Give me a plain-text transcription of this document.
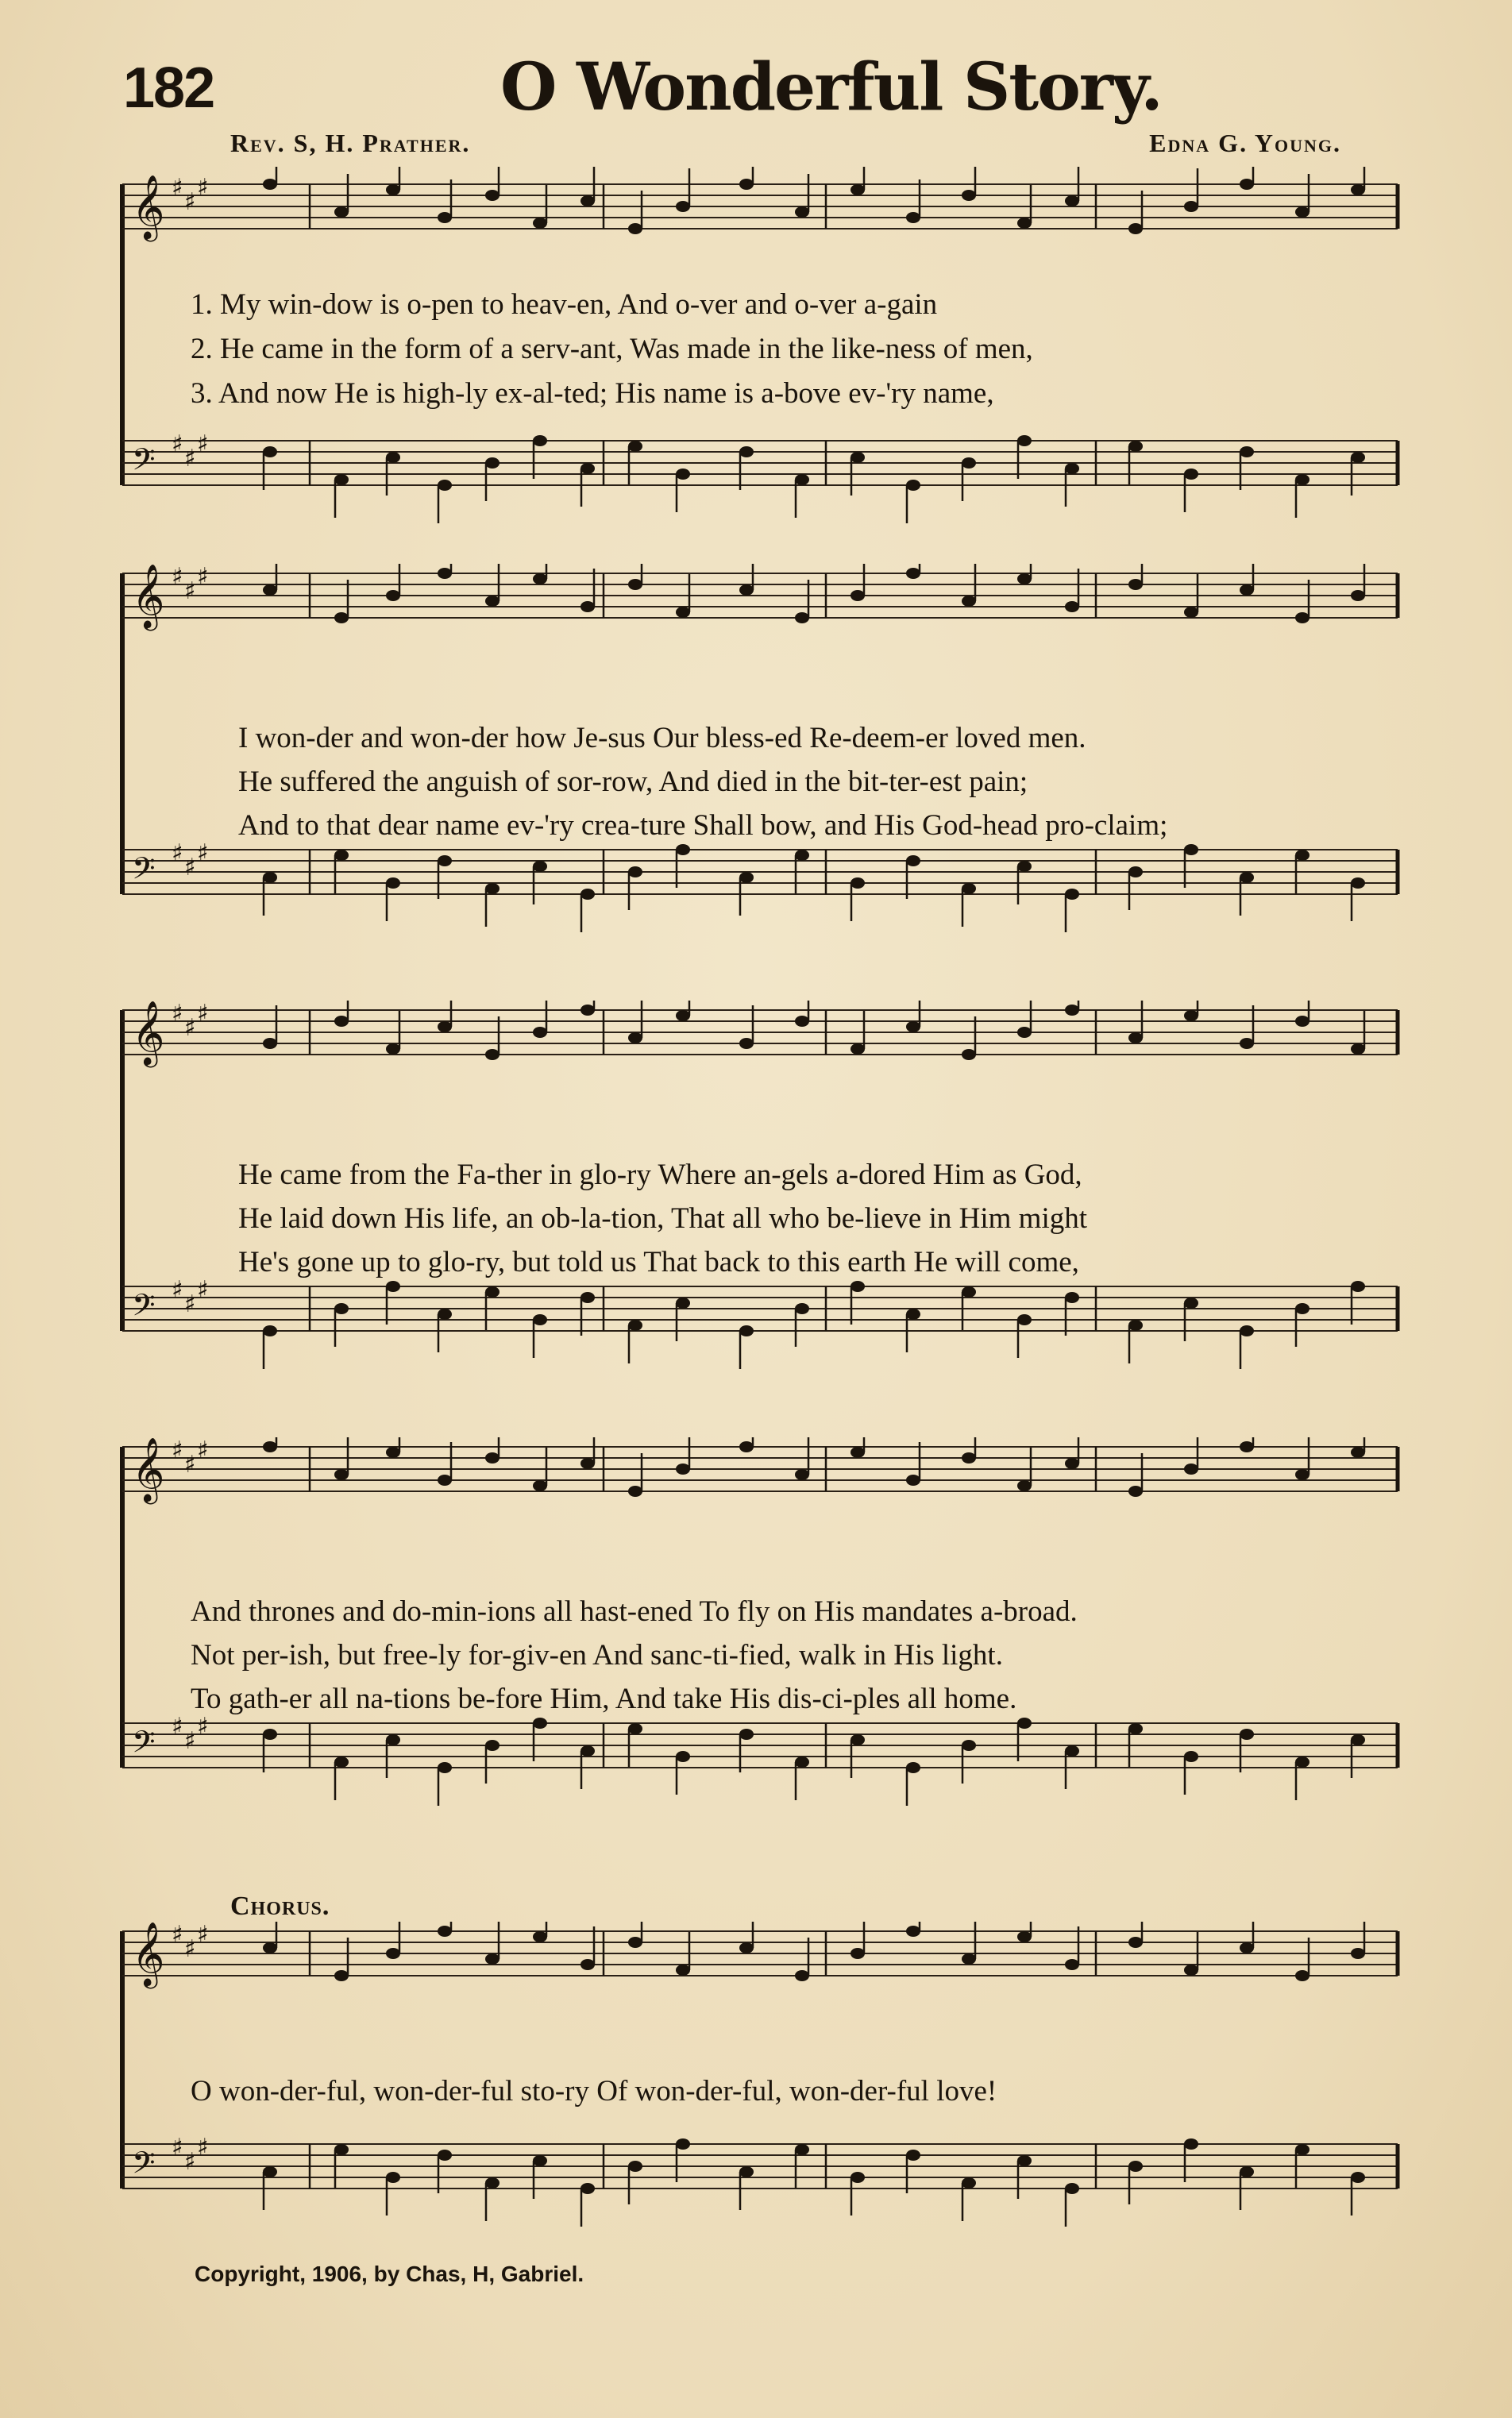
182	O Wonderful Story.
Rev. S, H. Prather.	Edna G. Young.
𝄞 ♯
♯
♯
𝄢 ♯
♯
♯
1. My win-dow is o-pen to heav-en, And o-ver and o-ver a-gain
2. He came in the form of a serv-ant, Was made in the like-ness of men,
3. And now He is high-ly ex-al-ted; His name is a-bove ev-'ry name,
𝄞 ♯
♯
♯
𝄢 ♯
♯
♯
I won-der and won-der how Je-sus Our bless-ed Re-deem-er loved men.
He suffered the anguish of sor-row, And died in the bit-ter-est pain;
And to that dear name ev-'ry crea-ture Shall bow, and His God-head pro-claim;
𝄞 ♯
♯
♯
𝄢 ♯
♯
♯
He came from the Fa-ther in glo-ry Where an-gels a-dored Him as God,
He laid down His life, an ob-la-tion, That all who be-lieve in Him might
He's gone up to glo-ry, but told us That back to this earth He will come,
𝄞 ♯
♯
♯
𝄢 ♯
♯
♯
And thrones and do-min-ions all hast-ened To fly on His mandates a-broad.
Not per-ish, but free-ly for-giv-en And sanc-ti-fied, walk in His light.
To gath-er all na-tions be-fore Him, And take His dis-ci-ples all home.
Chorus.
𝄞 ♯
♯
♯
𝄢 ♯
♯
♯
O won-der-ful, won-der-ful sto-ry Of won-der-ful, won-der-ful love!
Copyright, 1906, by Chas, H, Gabriel.
